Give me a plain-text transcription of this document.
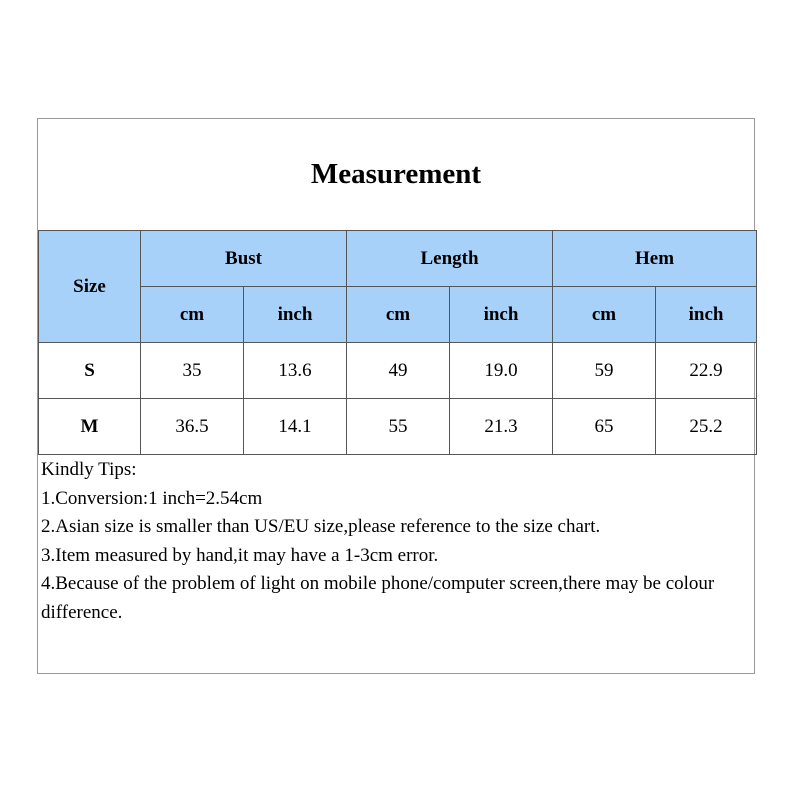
Measurement
Size	Bust		Length		Hem	
	cm	inch	cm	inch	cm	inch
S	35	13.6	49	19.0	59	22.9
M	36.5	14.1	55	21.3	65	25.2
Kindly Tips:
1.Conversion:1 inch=2.54cm
2.Asian size is smaller than US/EU size,please reference to the size chart.
3.Item measured by hand,it may have a 1-3cm error.
4.Because of the problem of light on mobile phone/computer screen,there may be colour difference.
